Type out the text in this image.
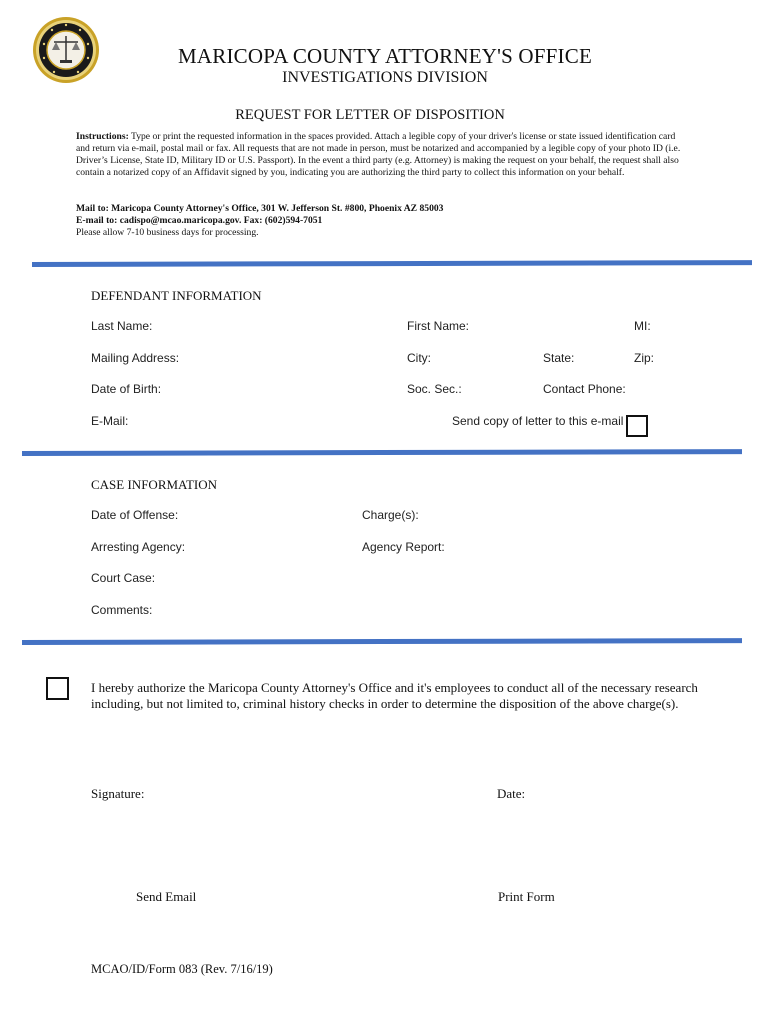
MARICOPA COUNTY ATTORNEY'S OFFICE
INVESTIGATIONS DIVISION
REQUEST FOR LETTER OF DISPOSITION
Instructions: Type or print the requested information in the spaces provided. Attach a legible copy of your driver's license or state issued identification card and return via e-mail, postal mail or fax. All requests that are not made in person, must be notarized and accompanied by a legible copy of your photo ID (i.e. Driver’s License, State ID, Military ID or U.S. Passport). In the event a third party (e.g. Attorney) is making the request on your behalf, the request shall also contain a notarized copy of an Affidavit signed by you, indicating you are authorizing the third party to collect this information on your behalf.
Mail to: Maricopa County Attorney's Office, 301 W. Jefferson St. #800, Phoenix AZ 85003
E-mail to: cadispo@mcao.maricopa.gov. Fax: (602)594-7051
Please allow 7-10 business days for processing.
DEFENDANT INFORMATION
Last Name:	First Name:	MI:
Mailing Address:	City:	State:	Zip:
Date of Birth:	Soc. Sec.:	Contact Phone:
E-Mail:	Send copy of letter to this e-mail
CASE INFORMATION
Date of Offense:	Charge(s):
Arresting Agency:	Agency Report:
Court Case:
Comments:
I hereby authorize the Maricopa County Attorney's Office and it's employees to conduct all of the necessary research including, but not limited to, criminal history checks in order to determine the disposition of the above charge(s).
Signature:	Date:
Send Email	Print Form
MCAO/ID/Form 083 (Rev. 7/16/19)
